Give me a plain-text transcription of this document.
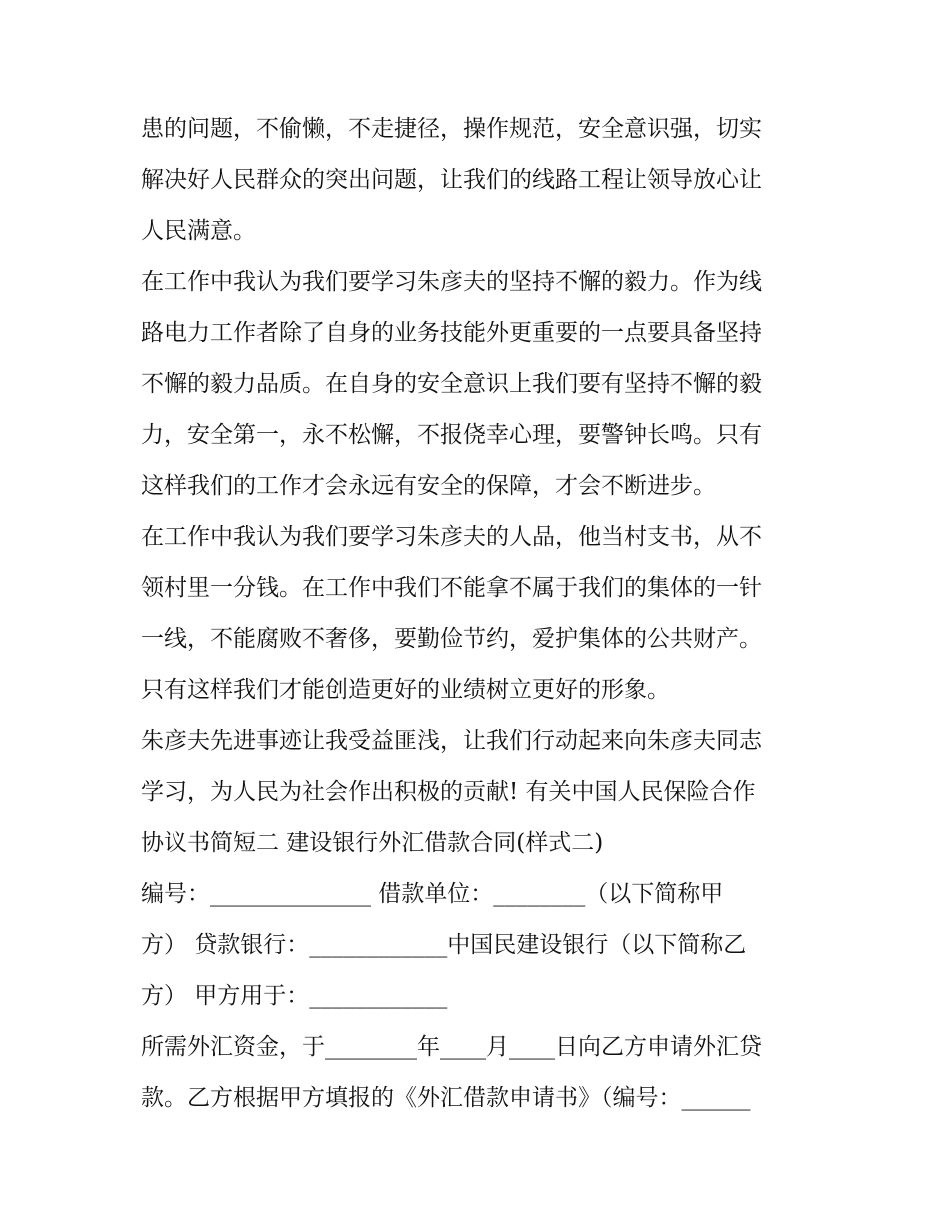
患的问题，不偷懒，不走捷径，操作规范，安全意识强，切实
解决好人民群众的突出问题，让我们的线路工程让领导放心让
人民满意。
在工作中我认为我们要学习朱彦夫的坚持不懈的毅力。作为线
路电力工作者除了自身的业务技能外更重要的一点要具备坚持
不懈的毅力品质。在自身的安全意识上我们要有坚持不懈的毅
力，安全第一，永不松懈，不报侥幸心理，要警钟长鸣。只有
这样我们的工作才会永远有安全的保障，才会不断进步。
在工作中我认为我们要学习朱彦夫的人品，他当村支书，从不
领村里一分钱。在工作中我们不能拿不属于我们的集体的一针
一线，不能腐败不奢侈，要勤俭节约，爱护集体的公共财产。
只有这样我们才能创造更好的业绩树立更好的形象。
朱彦夫先进事迹让我受益匪浅，让我们行动起来向朱彦夫同志
学习，为人民为社会作出积极的贡献! 有关中国人民保险合作
协议书简短二 建设银行外汇借款合同(样式二)
编号：______________ 借款单位：________（以下简称甲
方） 贷款银行：____________中国民建设银行（以下简称乙
方） 甲方用于：____________
所需外汇资金，于________年____月____日向乙方申请外汇贷
款。乙方根据甲方填报的《外汇借款申请书》（编号：______
